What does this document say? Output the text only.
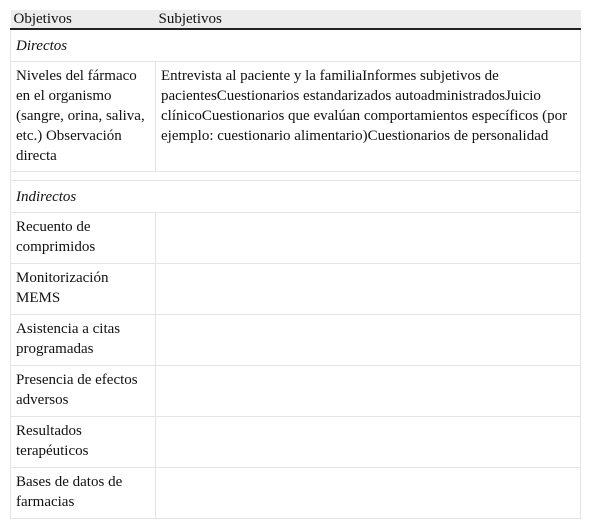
Objetivos	Subjetivos
Directos	
Niveles del fármaco en el organismo (sangre, orina, saliva, etc.) Observación directa	Entrevista al paciente y la familiaInformes subjetivos de pacientesCuestionarios estandarizados autoadministradosJuicio clínicoCuestionarios que evalúan comportamientos específicos (por ejemplo: cuestionario alimentario)Cuestionarios de personalidad

Indirectos	
Recuento de comprimidos	
Monitorización MEMS	
Asistencia a citas programadas	
Presencia de efectos adversos	
Resultados terapéuticos	
Bases de datos de farmacias	
